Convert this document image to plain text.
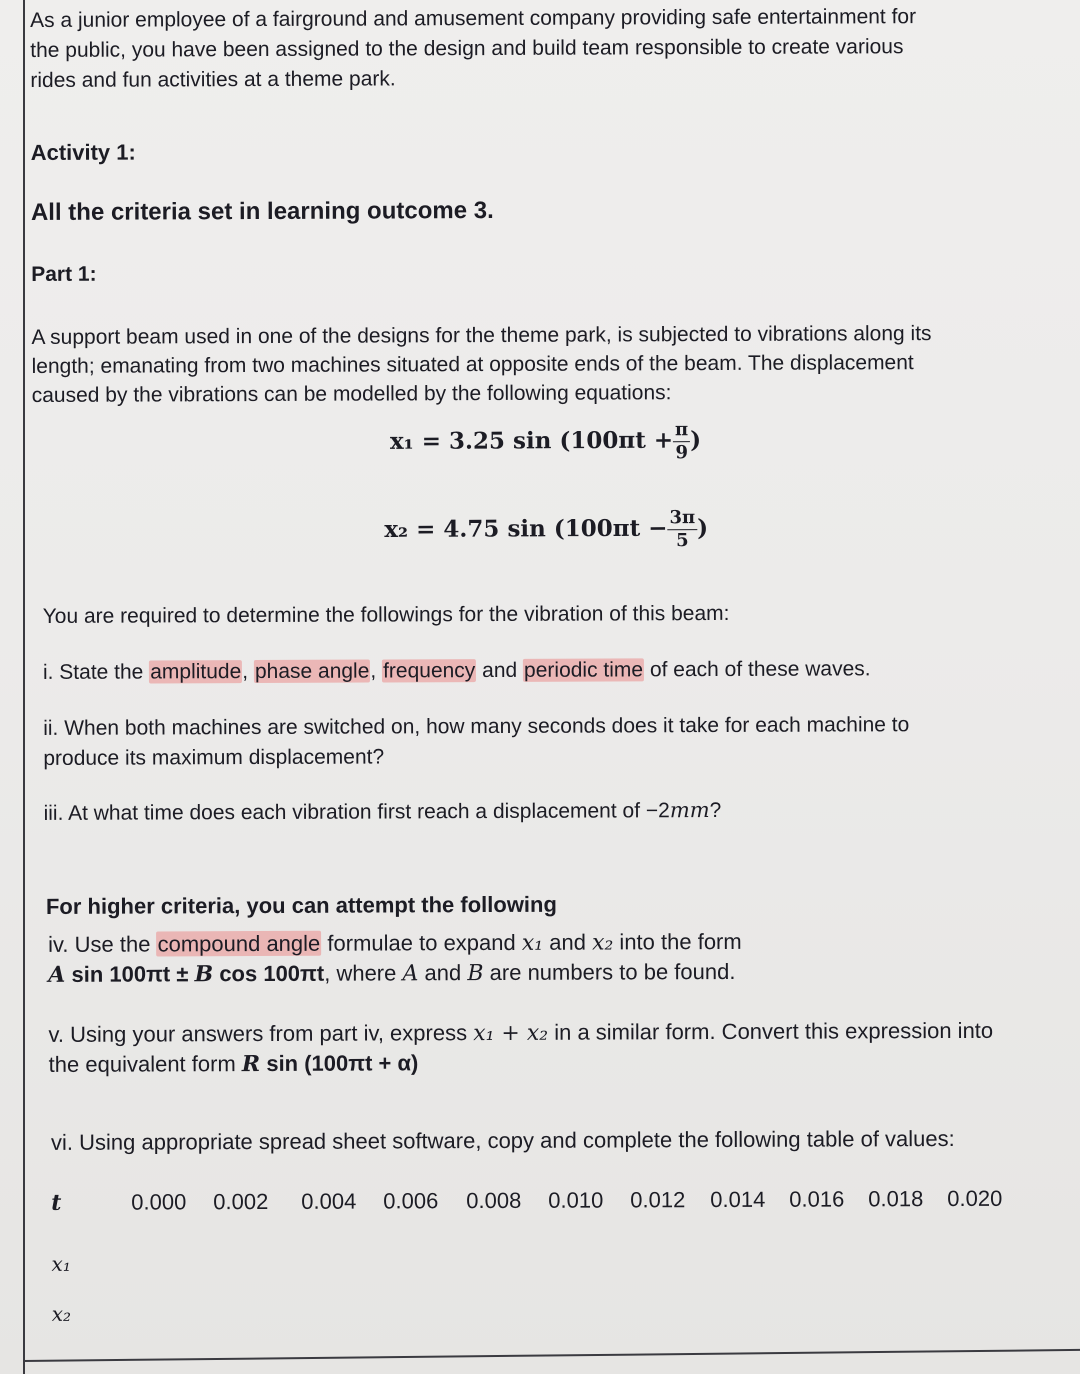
As a junior employee of a fairground and amusement company providing safe entertainment for

the public, you have been assigned to the design and build team responsible to create various

rides and fun activities at a theme park.

Activity 1:

All the criteria set in learning outcome 3.

Part 1:

A support beam used in one of the designs for the theme park, is subjected to vibrations along its

length; emanating from two machines situated at opposite ends of the beam. The displacement

caused by the vibrations can be modelled by the following equations:

x₁ = 3.25 $\sin (100\pi t + \frac{\pi}{9}$ )
x₂ = 4.75 $\sin (100\pi t - \frac{3\pi}{5}$ )

You are required to determine the followings for the vibration of this beam:

i. State the amplitude, phase angle, frequency and periodic time of each of these waves.

ii. When both machines are switched on, how many seconds does it take for each machine to

produce its maximum displacement?

iii. At what time does each vibration first reach a displacement of −2mm?

For higher criteria, you can attempt the following

iv. Use the compound angle formulae to expand x₁ and x₂ into the form

A sin 100πt ± B cos 100πt, where A and B are numbers to be found.

v. Using your answers from part iv, express x₁ + x₂ in a similar form. Convert this expression into

the equivalent form R sin (100πt + α)

vi. Using appropriate spread sheet software, copy and complete the following table of values:

t	0.000 0.002 0.004 0.006 0.008 0.010 0.012 0.014 0.016 0.018 0.020
x₁
x₂
